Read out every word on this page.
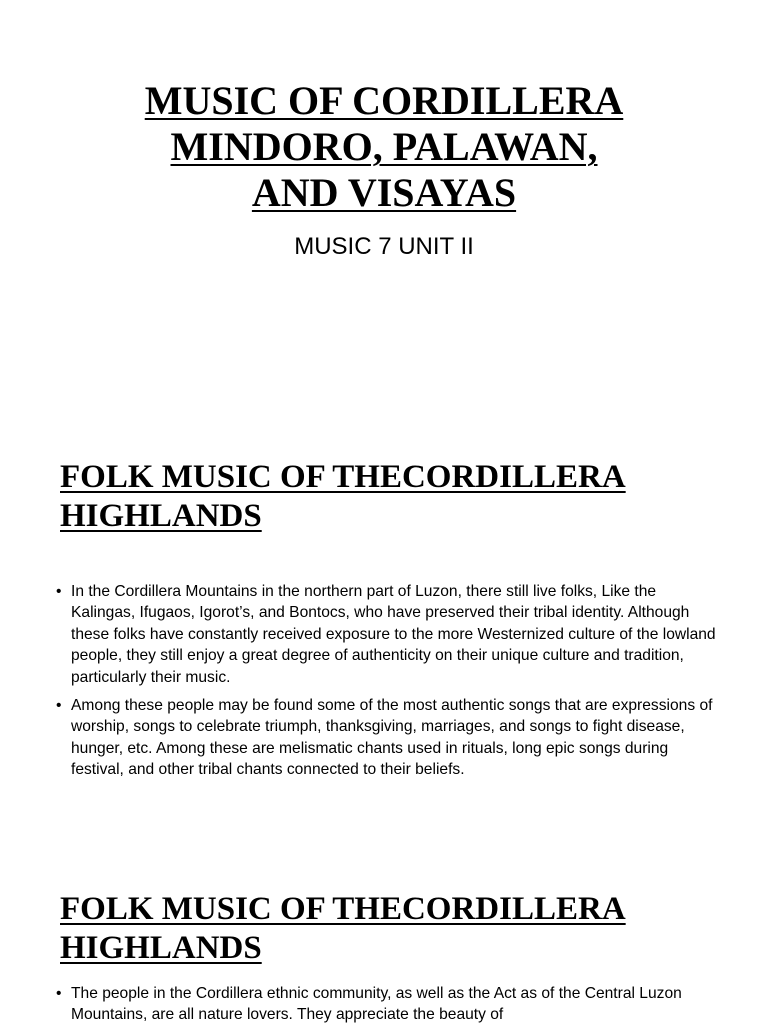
MUSIC OF CORDILLERA
MINDORO, PALAWAN,
AND VISAYAS
MUSIC 7 UNIT II
FOLK MUSIC OF THECORDILLERA
HIGHLANDS
• In the Cordillera Mountains in the northern part of Luzon, there still live folks, Like the Kalingas, Ifugaos, Igorot’s, and Bontocs, who have preserved their tribal identity. Although these folks have constantly received exposure to the more Westernized culture of the lowland people, they still enjoy a great degree of authenticity on their unique culture and tradition, particularly their music.
• Among these people may be found some of the most authentic songs that are expressions of worship, songs to celebrate triumph, thanksgiving, marriages, and songs to fight disease, hunger, etc. Among these are melismatic chants used in rituals, long epic songs during festival, and other tribal chants connected to their beliefs.
FOLK MUSIC OF THECORDILLERA
HIGHLANDS
• The people in the Cordillera ethnic community, as well as the Act as of the Central Luzon Mountains, are all nature lovers. They appreciate the beauty of
